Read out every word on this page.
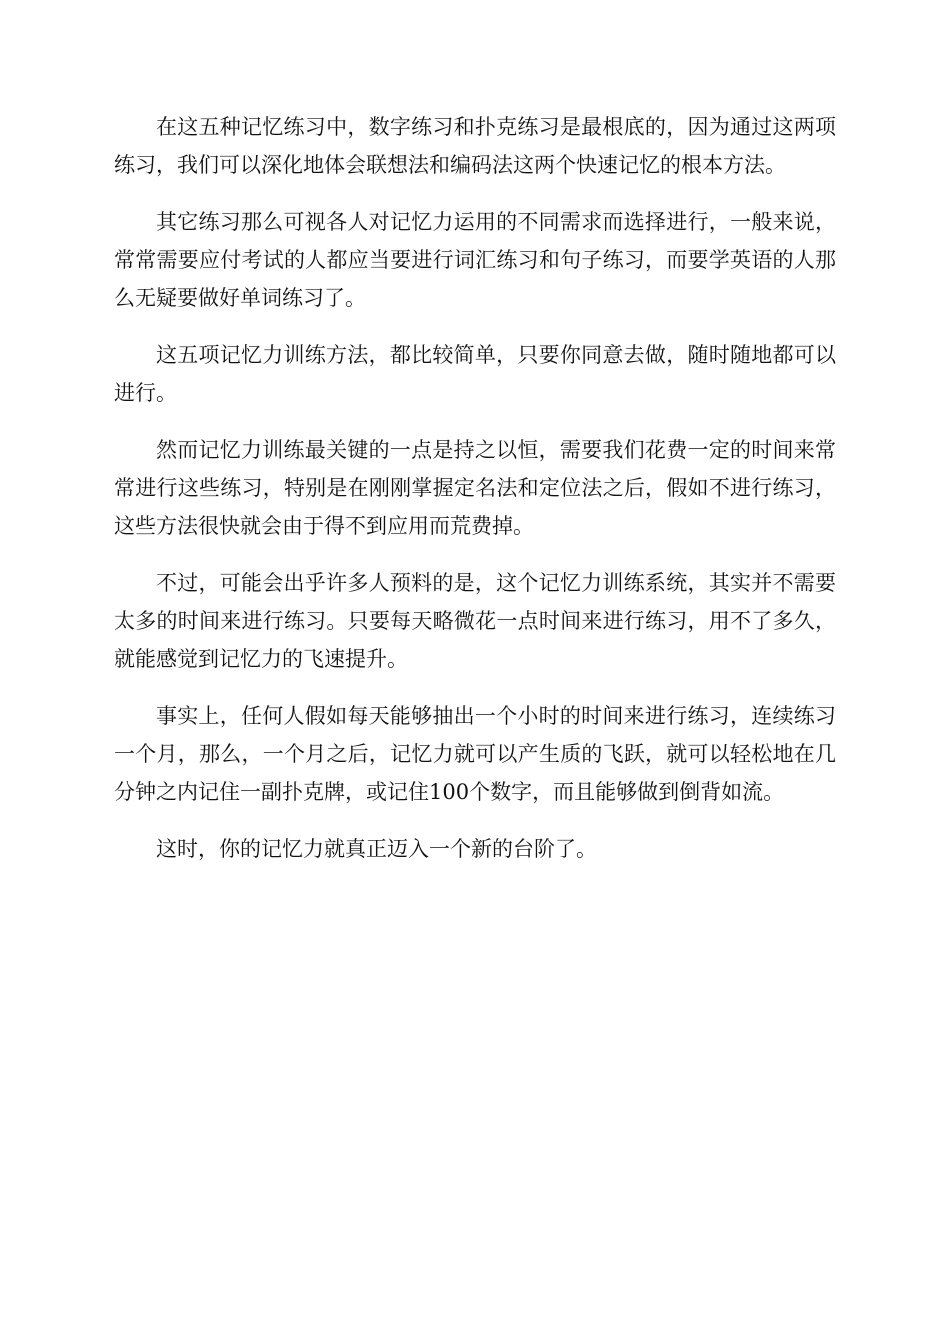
在这五种记忆练习中，数字练习和扑克练习是最根底的，因为通过这两项练习，我们可以深化地体会联想法和编码法这两个快速记忆的根本方法。

其它练习那么可视各人对记忆力运用的不同需求而选择进行，一般来说，常常需要应付考试的人都应当要进行词汇练习和句子练习，而要学英语的人那么无疑要做好单词练习了。

这五项记忆力训练方法，都比较简单，只要你同意去做，随时随地都可以进行。

然而记忆力训练最关键的一点是持之以恒，需要我们花费一定的时间来常常进行这些练习，特别是在刚刚掌握定名法和定位法之后，假如不进行练习，这些方法很快就会由于得不到应用而荒费掉。

不过，可能会出乎许多人预料的是，这个记忆力训练系统，其实并不需要太多的时间来进行练习。只要每天略微花一点时间来进行练习，用不了多久，就能感觉到记忆力的飞速提升。

事实上，任何人假如每天能够抽出一个小时的时间来进行练习，连续练习一个月，那么，一个月之后，记忆力就可以产生质的飞跃，就可以轻松地在几分钟之内记住一副扑克牌，或记住100个数字，而且能够做到倒背如流。

这时，你的记忆力就真正迈入一个新的台阶了。
